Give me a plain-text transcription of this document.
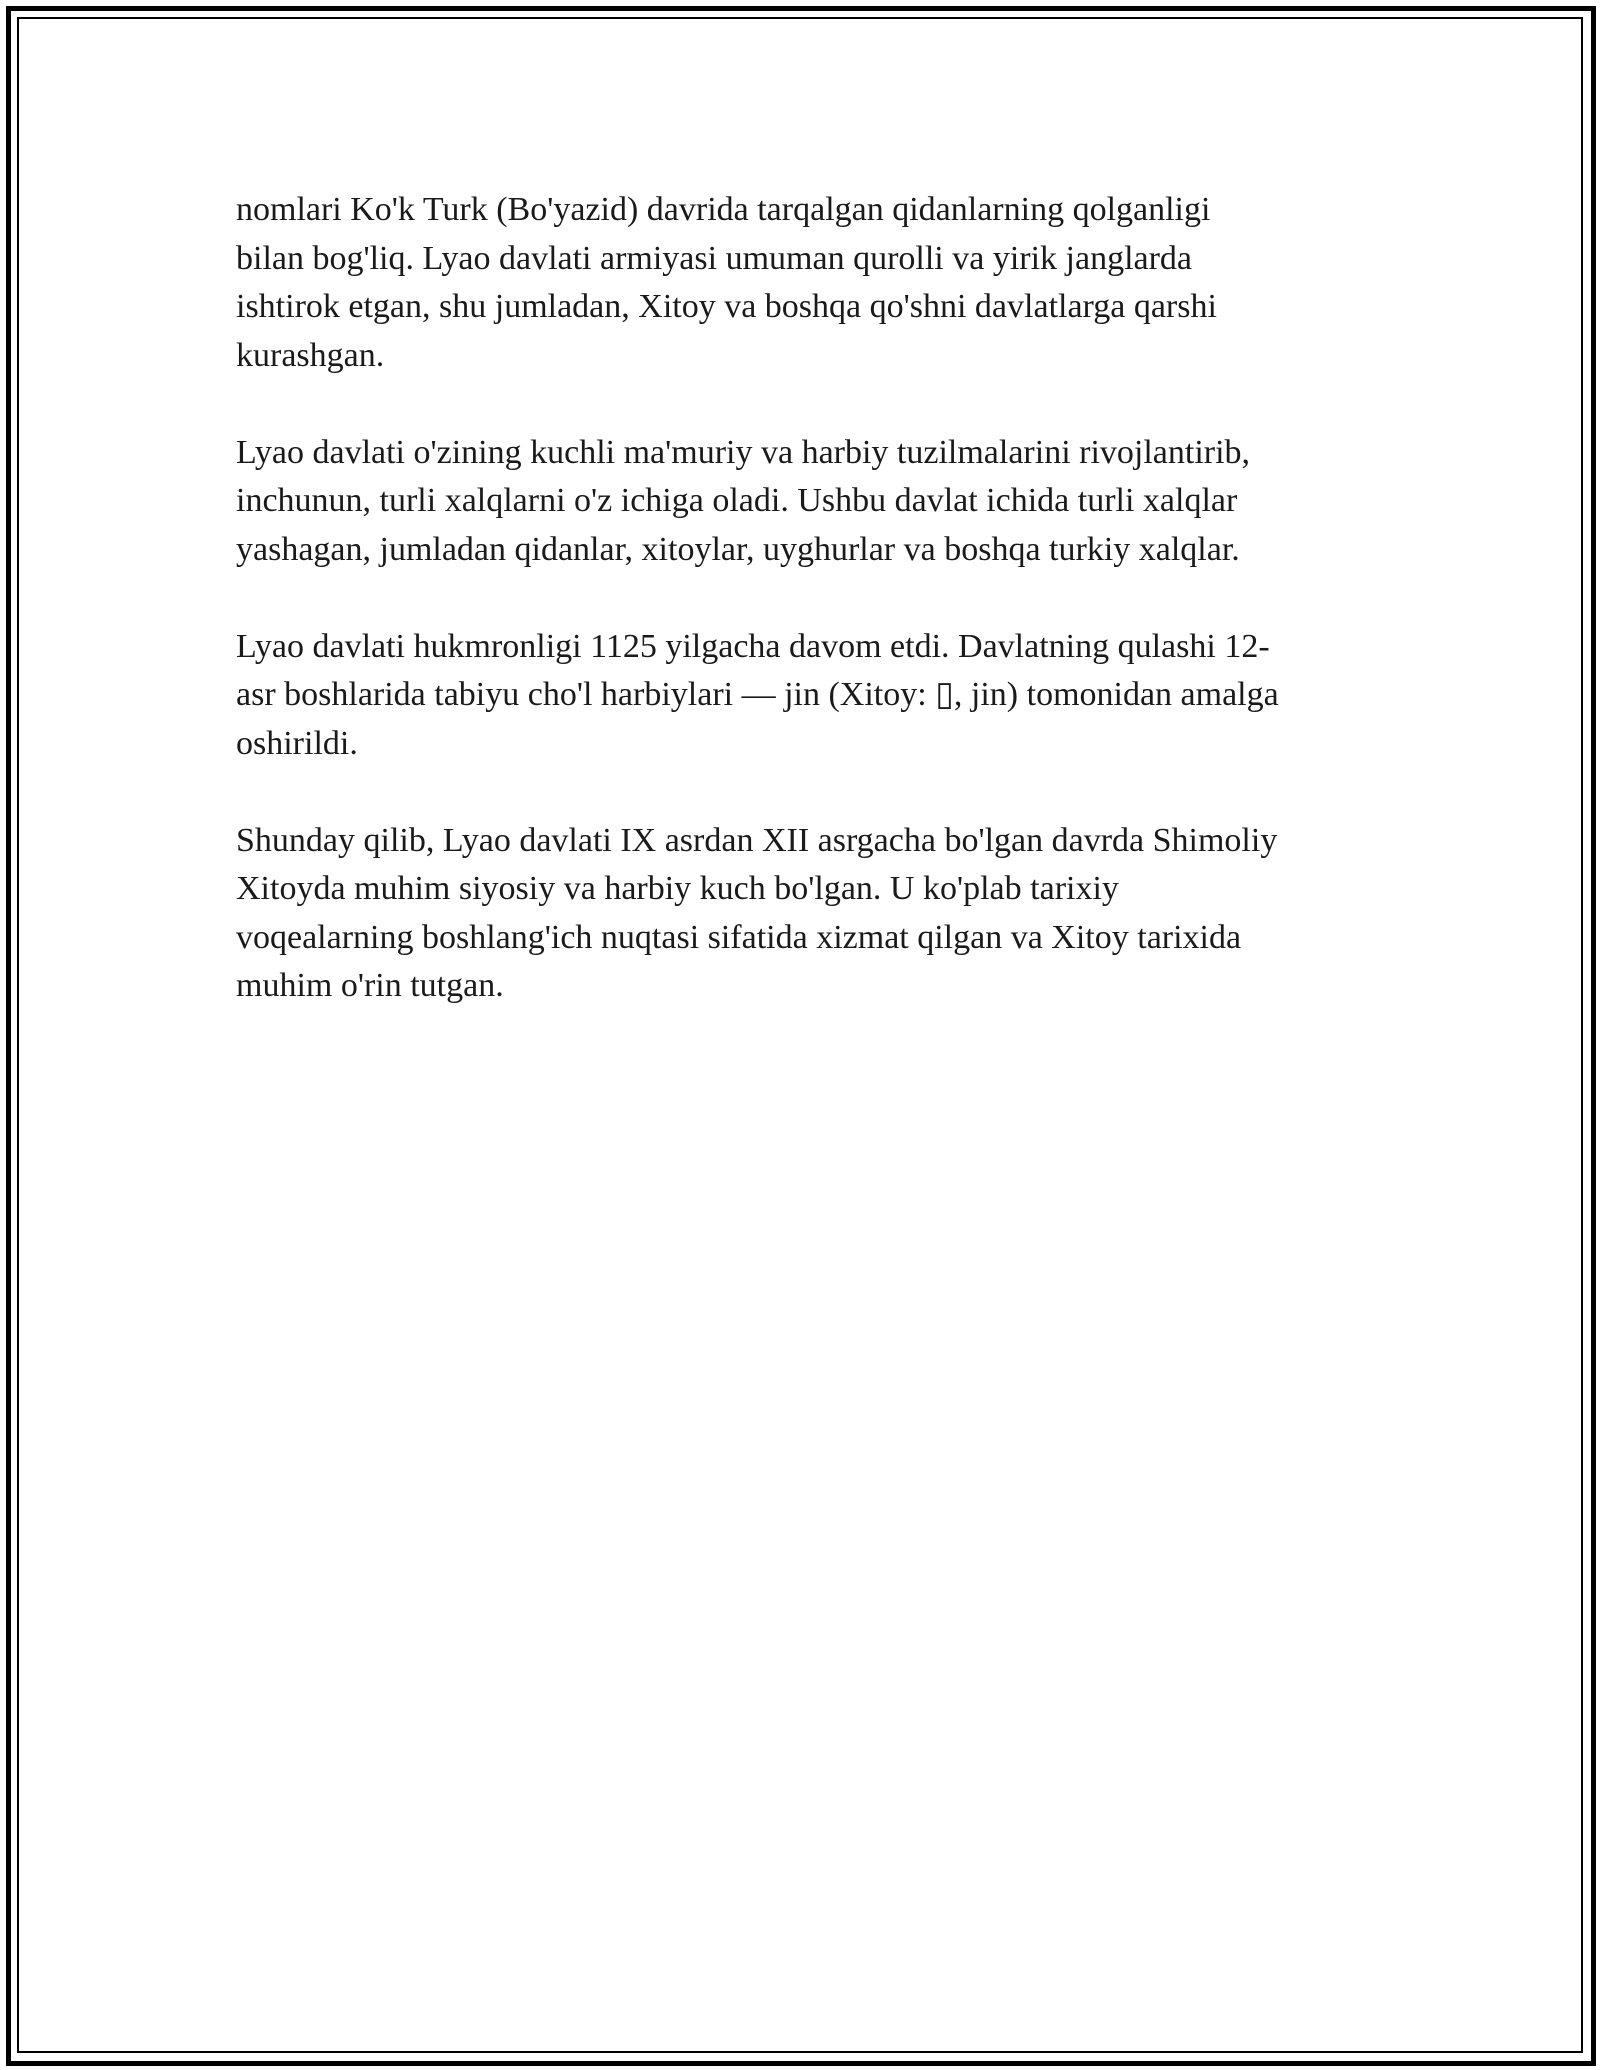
nomlari Ko'k Turk (Bo'yazid) davrida tarqalgan qidanlarning qolganligi
bilan bog'liq. Lyao davlati armiyasi umuman qurolli va yirik janglarda
ishtirok etgan, shu jumladan, Xitoy va boshqa qo'shni davlatlarga qarshi
kurashgan.

Lyao davlati o'zining kuchli ma'muriy va harbiy tuzilmalarini rivojlantirib,
inchunun, turli xalqlarni o'z ichiga oladi. Ushbu davlat ichida turli xalqlar
yashagan, jumladan qidanlar, xitoylar, uyghurlar va boshqa turkiy xalqlar.

Lyao davlati hukmronligi 1125 yilgacha davom etdi. Davlatning qulashi 12-
asr boshlarida tabiyu cho'l harbiylari — jin (Xitoy: ▯, jin) tomonidan amalga
oshirildi.

Shunday qilib, Lyao davlati IX asrdan XII asrgacha bo'lgan davrda Shimoliy
Xitoyda muhim siyosiy va harbiy kuch bo'lgan. U ko'plab tarixiy
voqealarning boshlang'ich nuqtasi sifatida xizmat qilgan va Xitoy tarixida
muhim o'rin tutgan.
